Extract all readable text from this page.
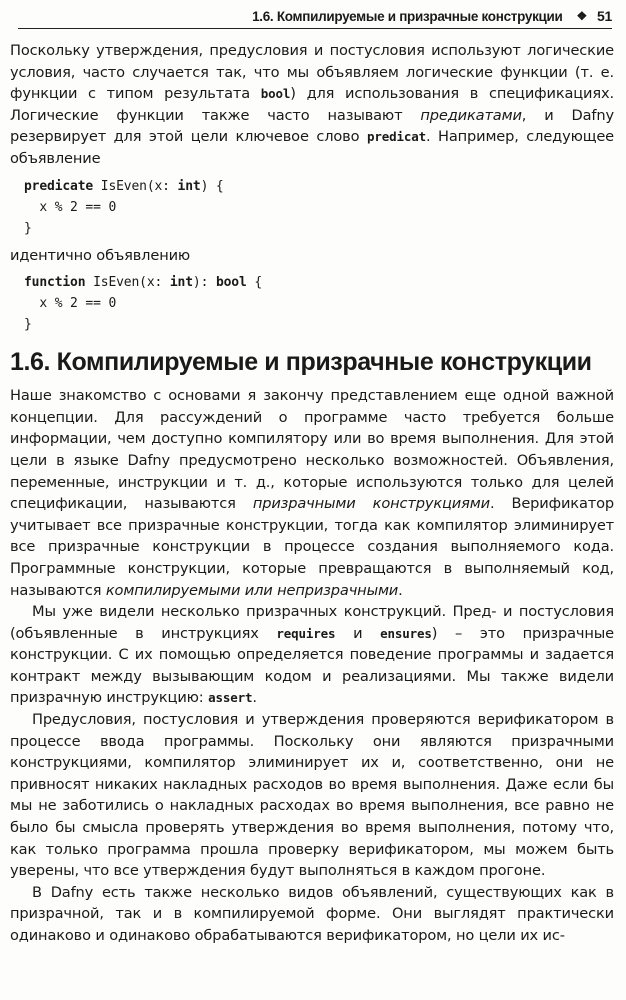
1.6. Компилируемые и призрачные конструкции ❖ 51

Поскольку утверждения, предусловия и постусловия используют логические условия, часто случается так, что мы объявляем логические функции (т. е. функции с типом результата bool) для использования в спецификациях. Логические функции также часто называют предикатами, и Dafny резервирует для этой цели ключевое слово predicat. Например, следующее объявление

predicate IsEven(x: int) {
x % 2 == 0
}

идентично объявлению

function IsEven(x: int): bool {
x % 2 == 0
}
1.6. Компилируемые и призрачные конструкции

Наше знакомство с основами я закончу представлением еще одной важной концепции. Для рассуждений о программе часто требуется больше информации, чем доступно компилятору или во время выполнения. Для этой цели в языке Dafny предусмотрено несколько возможностей. Объявления, переменные, инструкции и т. д., которые используются только для целей спецификации, называются призрачными конструкциями. Верификатор учитывает все призрачные конструкции, тогда как компилятор элиминирует все призрачные конструкции в процессе создания выполняемого кода. Программные конструкции, которые превращаются в выполняемый код, называются компилируемыми или непризрачными.

Мы уже видели несколько призрачных конструкций. Пред- и постусловия (объявленные в инструкциях requires и ensures) – это призрачные конструкции. С их помощью определяется поведение программы и задается контракт между вызывающим кодом и реализациями. Мы также видели призрачную инструкцию: assert.

Предусловия, постусловия и утверждения проверяются верификатором в процессе ввода программы. Поскольку они являются призрачными конструкциями, компилятор элиминирует их и, соответственно, они не привносят никаких накладных расходов во время выполнения. Даже если бы мы не заботились о накладных расходах во время выполнения, все равно не было бы смысла проверять утверждения во время выполнения, потому что, как только программа прошла проверку верификатором, мы можем быть уверены, что все утверждения будут выполняться в каждом прогоне.

В Dafny есть также несколько видов объявлений, существующих как в призрачной, так и в компилируемой форме. Они выглядят практически одинаково и одинаково обрабатываются верификатором, но цели их ис-
